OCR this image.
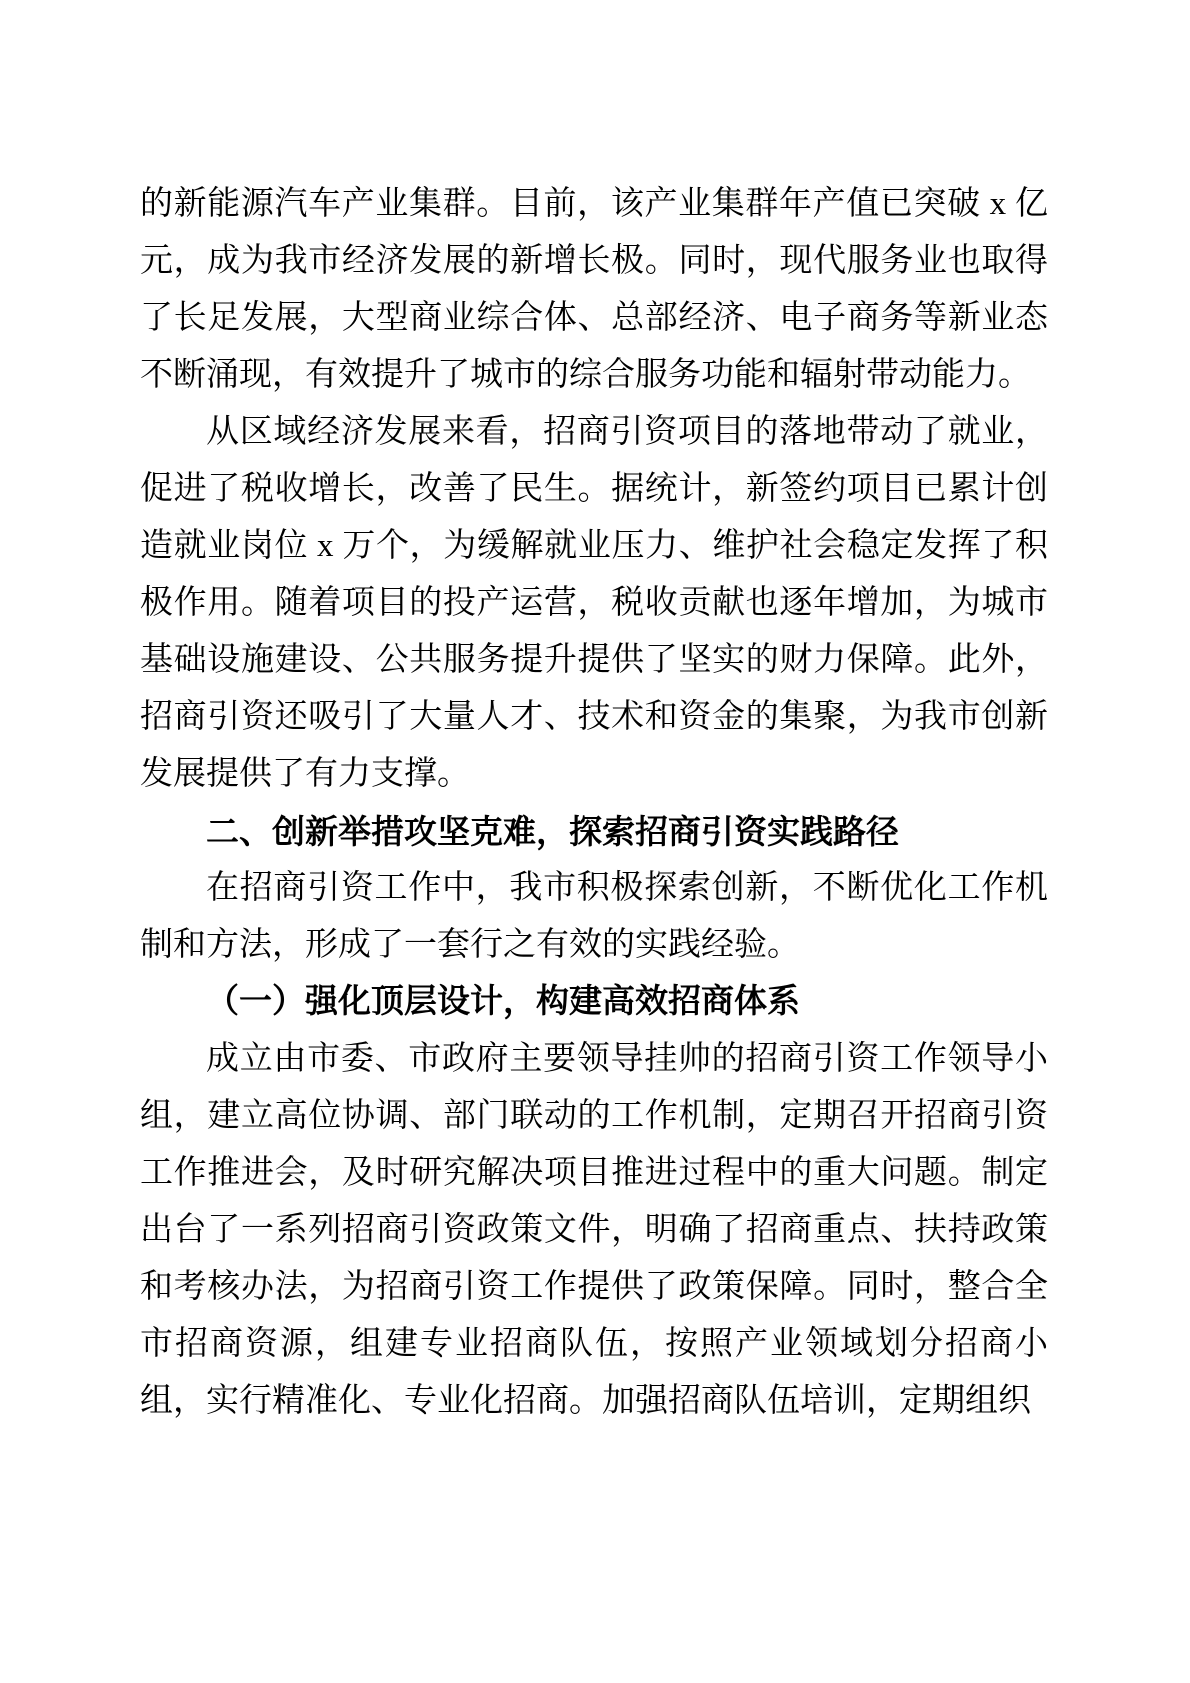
的新能源汽车产业集群。目前，该产业集群年产值已突破 x 亿元，成为我市经济发展的新增长极。同时，现代服务业也取得了长足发展，大型商业综合体、总部经济、电子商务等新业态不断涌现，有效提升了城市的综合服务功能和辐射带动能力。

从区域经济发展来看，招商引资项目的落地带动了就业，促进了税收增长，改善了民生。据统计，新签约项目已累计创造就业岗位 x 万个，为缓解就业压力、维护社会稳定发挥了积极作用。随着项目的投产运营，税收贡献也逐年增加，为城市基础设施建设、公共服务提升提供了坚实的财力保障。此外，招商引资还吸引了大量人才、技术和资金的集聚，为我市创新发展提供了有力支撑。

二、创新举措攻坚克难，探索招商引资实践路径

在招商引资工作中，我市积极探索创新，不断优化工作机制和方法，形成了一套行之有效的实践经验。

（一）强化顶层设计，构建高效招商体系

成立由市委、市政府主要领导挂帅的招商引资工作领导小组，建立高位协调、部门联动的工作机制，定期召开招商引资工作推进会，及时研究解决项目推进过程中的重大问题。制定出台了一系列招商引资政策文件，明确了招商重点、扶持政策和考核办法，为招商引资工作提供了政策保障。同时，整合全市招商资源，组建专业招商队伍，按照产业领域划分招商小组，实行精准化、专业化招商。加强招商队伍培训，定期组织
